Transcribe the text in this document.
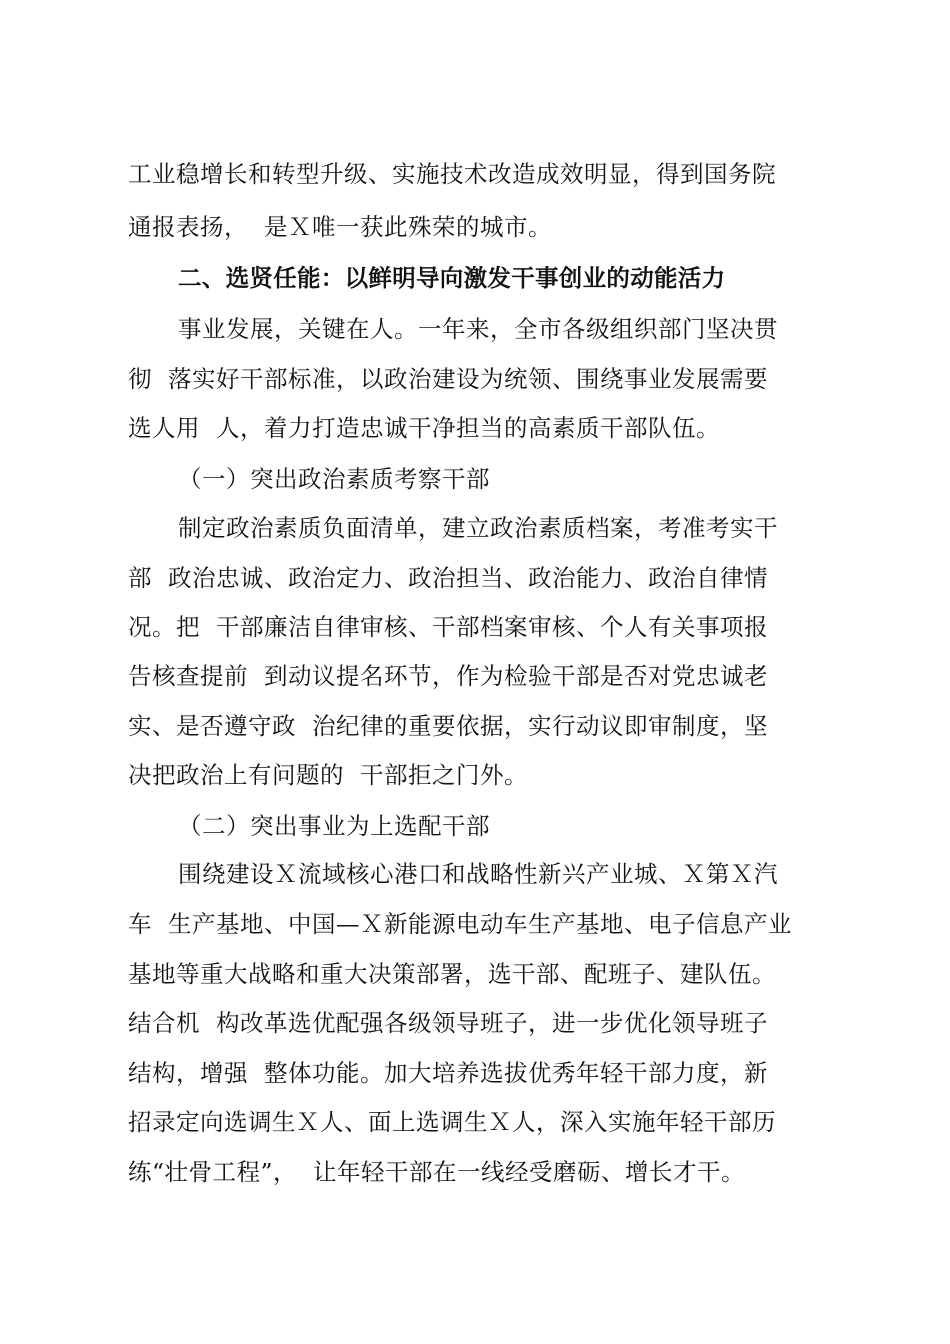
工业稳增长和转型升级、实施技术改造成效明显，得到国务院
通报表扬，  是Ｘ唯一获此殊荣的城市。
二、选贤任能：以鲜明导向激发干事创业的动能活力
事业发展，关键在人。一年来，全市各级组织部门坚决贯
彻  落实好干部标准，以政治建设为统领、围绕事业发展需要
选人用  人，着力打造忠诚干净担当的高素质干部队伍。
（一）突出政治素质考察干部
制定政治素质负面清单，建立政治素质档案，考准考实干
部  政治忠诚、政治定力、政治担当、政治能力、政治自律情
况。把  干部廉洁自律审核、干部档案审核、个人有关事项报
告核查提前  到动议提名环节，作为检验干部是否对党忠诚老
实、是否遵守政  治纪律的重要依据，实行动议即审制度，坚
决把政治上有问题的  干部拒之门外。
（二）突出事业为上选配干部
围绕建设Ｘ流域核心港口和战略性新兴产业城、Ｘ第Ｘ汽
车  生产基地、中国—Ｘ新能源电动车生产基地、电子信息产业
基地等重大战略和重大决策部署，选干部、配班子、建队伍。
结合机  构改革选优配强各级领导班子，进一步优化领导班子
结构，增强  整体功能。加大培养选拔优秀年轻干部力度，新
招录定向选调生Ｘ人、面上选调生Ｘ人，深入实施年轻干部历
练“壮骨工程”，  让年轻干部在一线经受磨砺、增长才干。
